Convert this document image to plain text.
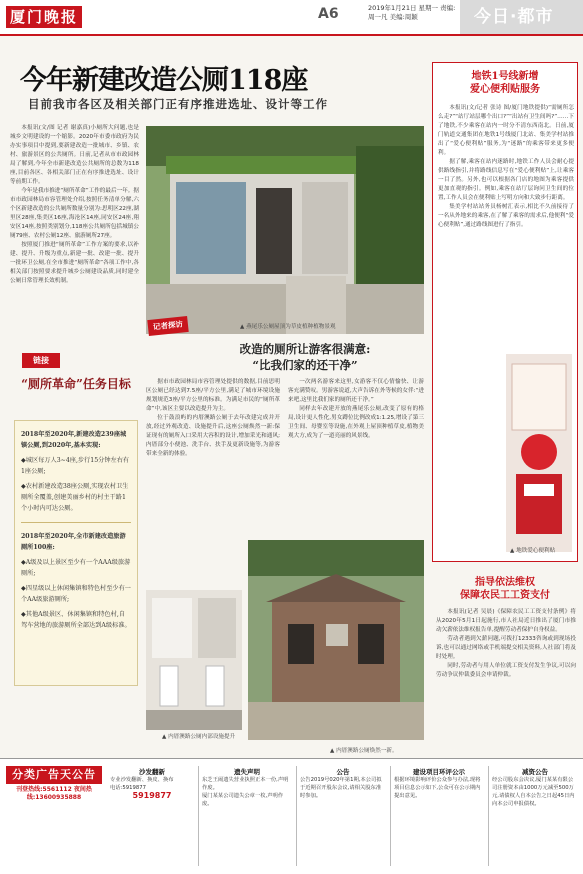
厦门晚报	A6	2019年1月21日 星期一 责编:周一凡 美编:周颖	今日·都市
今年新建改造公厕118座
目前我市各区及相关部门正有序推进选址、设计等工作

本报讯(文/图 记者 谢嘉真)小厕所大问题,也是城乡文明建设的一个缩影。2020年市委市政府为民办实事项目中提到,要新建改造一批城市、乡镇、农村、旅游景区的公共厕所。日前,记者从市市政园林局了解到,今年全市新建改造公共厕所的总数为118座,目前各区、各相关部门正在有序推进选址、设计等前期工作。

今年是我市推进“厕所革命”工作的最后一年。据市市政园林局市容管理处介绍,按照任务清单分解,六个区新建改造的公共厕所数量分别为:思明区22座,湖里区28座,集美区16座,海沧区14座,同安区24座,翔安区14座,按照类别划分,118座公共厕所包括城镇公厕79座、农村公厕12座、旅游厕所27座。

按照厦门推进“厕所革命”工作方案的要求,以补建、提升、升级为重点,新建一批、改建一批、提升一批环卫公厕,在全市推进“厕所革命”各项工作中,各相关部门按照要求提升城乡公厕建设品质,同时建全公厕日常管理长效机制。

链接
“厕所革命”任务目标
2018年至2020年,新建改造239座城镇公厕,到2020年,基本实现:
◆城区每万人3~4座,步行15分钟左右有1座公厕;
◆农村新建改造38座公厕,实现农村卫生厕所全覆盖,创建美丽乡村的村主干路1个小时内可达公厕。
2018年至2020年,全市新建改造旅游厕所100座:
◆A级及以上景区至少有一个AAA级旅游厕所;
◆四星级以上休闲集镇和特色村至少有一个AA级旅游厕所;
◆其他A级景区、休闲集镇和特色村,自驾车营地的旅游厕所全部达到A级标准。
▲ 燕尾乐公厕屋顶为草皮植种植物景观
记者探访
改造的厕所让游客很满意:
“比我们家的还干净”

据市市政园林局市容管理处提供的数据,目前思明区公厕已经达到7.5座/平方公里,满足了城市环境设施规划规范3座/平方公里的标准。为满足市民的“厕所革命”中,该区主要以改造提升为主。

位于鼓浪屿的内厝澳路公厕于去年改建完成并开放,经过外观改造、设施提升后,这座公厕焕然一新:保证现有的厕所入口采用大容积的设计,增加采光和通风;内厝部分小便池、洗手台、扶手及更新设施等,为游客带来全新的体验。

一次两名游客来这里,女游客不仅心情愉快、让游客充满赞叹。男游客说道,大声告诉在外等候的女伴:“进来吧,这里比我们家的厕所还干净。”

同样去年改建开放的燕尾乐公厕,改变了原有的格局,设计更人性化,男女蹲位比例改成1:1.25,增设了第三卫生间、母婴室等设施,在外观上屋顶种植草皮,植物美观大方,成为了一道亮丽的风景线。

▲ 内厝澳路公厕内部设施提升
▲ 内厝澳路公厕焕然一新。
地铁1号线新增
爱心便利贴服务

本报讯(文/记者 张诗 图/厦门地铁提供)“需厕所怎么走?”“站厅站层哪个出口?”“出站有卫生间吗?”……下了地铁,不少乘客在站内一时分不清东西南北。日前,厦门轨道交通集团在地铁1号线厦门北站、集美学村站推出了“爱心便利贴”服务,为“迷路”的乘客带来更多便利。

据了解,乘客在站内迷路时,地铁工作人员会耐心提供路线指引,并将路线信息写在“爱心便利贴”上,让乘客一目了然。另外,也可以根据各门店的地图为乘客提供更加直观的指引。例如,乘客在站厅层询问卫生间的位置,工作人员会在便利贴上写明方向和大致步行距离。

集美学村站站务员杨树汇表示,相比不久前接待了一名从外地来的乘客,在了解了乘客的需求后,他便利“爱心便利贴”,通过路线图进行了指引。

▲ 地铁爱心便利贴
指导依法维权
保障农民工工资支付

本报讯(记者 吴晨)《保障农民工工资支付条例》将从2020年5月1日起施行,市人社局近日推出了厦门市推动欠薪依法维权报告单,提醒劳动者保护自身权益。

劳动者遇到欠薪问题,可拨打12333咨询或到现场投诉,也可以通过网络或手机端提交相关资料,人社部门将及时处理。

同时,劳动者与用人单位就工资支付发生争议,可以向劳动争议仲裁委员会申请仲裁。

分类广告天公告
刊登热线:5561112 夜间热线:13600935888
沙发翻新
专业沙发翻新、换皮、换布
电话:5919877
5919877
遗失声明
东芝王闹遗失营业执照正本一份,声明作废。
厦门某某公司遗失公章一枚,声明作废。
公告
公告2019号020年第1期,本公司拟于近期召开股东会议,请相关股东准时参加。
建设项目环评公示
根据环境影响评价公众参与办法,现将项目信息公示如下,公众可在公示期内提出意见。
减资公告
经公司股东会决议,厦门某某有限公司注册资本由1000万元减至500万元,请债权人自本公告之日起45日内向本公司申报债权。
